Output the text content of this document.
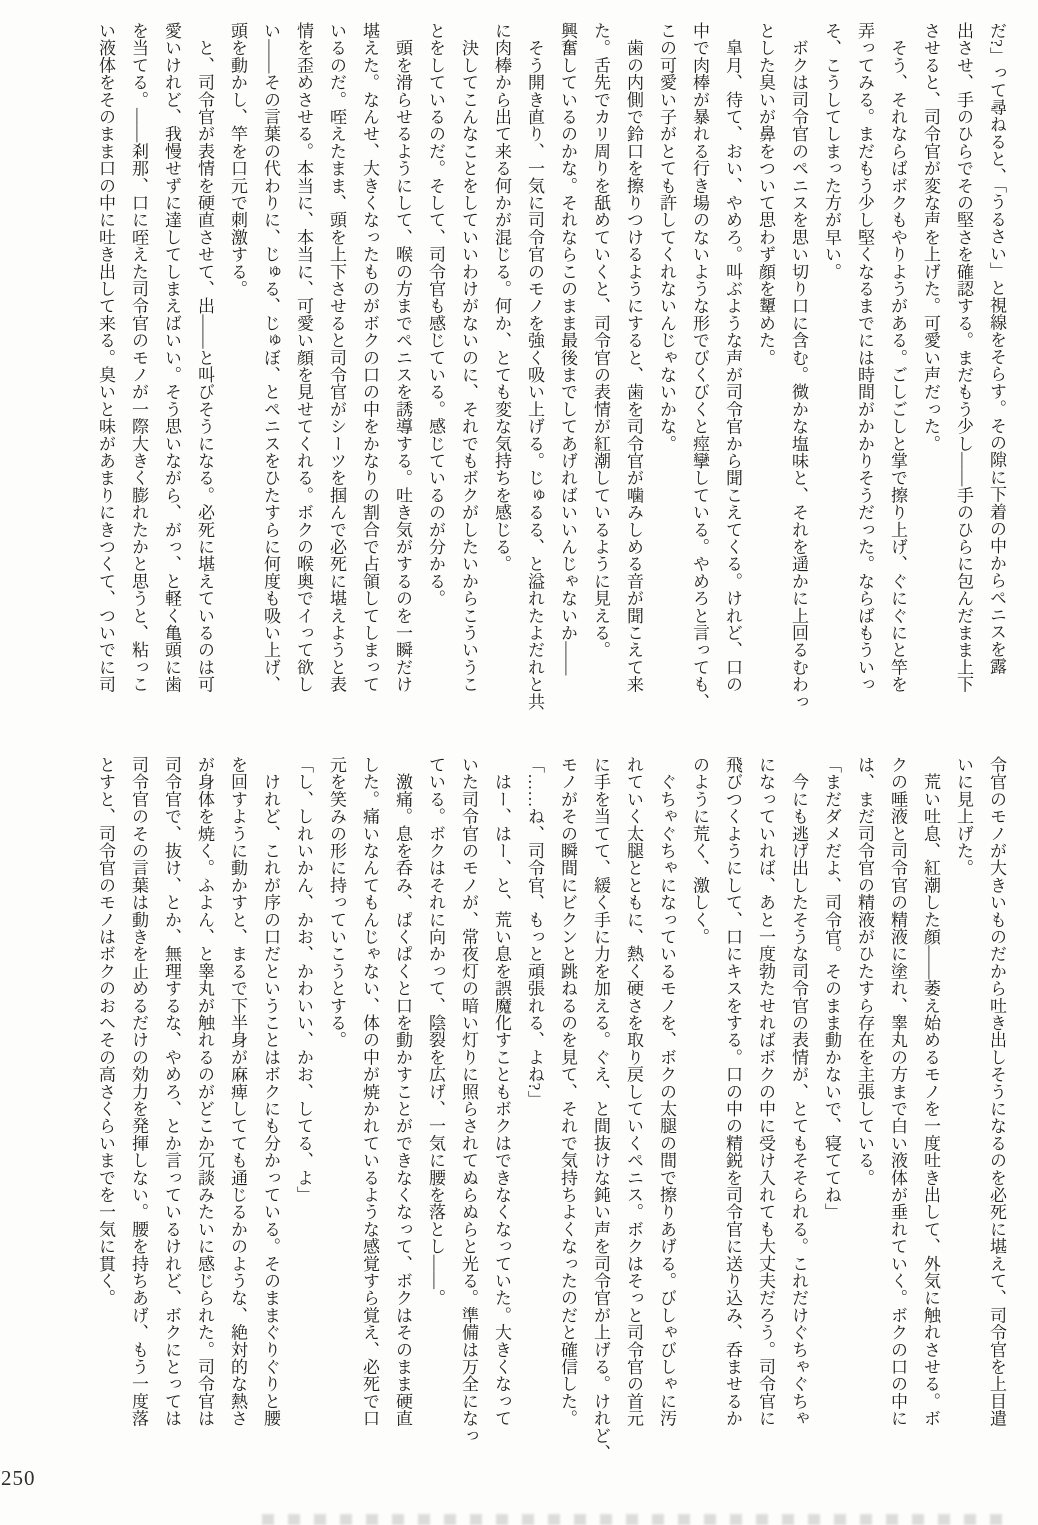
だ?」って尋ねると、「うるさい」と視線をそらす。その隙に下着の中からペニスを露
出させ、手のひらでその堅さを確認する。まだもう少し――手のひらに包んだまま上下
させると、司令官が変な声を上げた。可愛い声だった。
　そう、それならばボクもやりようがある。ごしごしと掌で擦り上げ、ぐにぐにと竿を
弄ってみる。まだもう少し堅くなるまでには時間がかかりそうだった。ならばもういっ
そ、こうしてしまった方が早い。
　ボクは司令官のペニスを思い切り口に含む。微かな塩味と、それを遥かに上回るむわっ
とした臭いが鼻をついて思わず顔を顰めた。
　皐月、待て、おい、やめろ。叫ぶような声が司令官から聞こえてくる。けれど、口の
中で肉棒が暴れる行き場のないような形でびくびくと痙攣している。やめろと言っても、
この可愛い子がとても許してくれないんじゃないかな。
　歯の内側で鈴口を擦りつけるようにすると、歯を司令官が噛みしめる音が聞こえて来
た。舌先でカリ周りを舐めていくと、司令官の表情が紅潮しているように見える。
興奮しているのかな。それならこのまま最後までしてあげればいいんじゃないか――
　そう開き直り、一気に司令官のモノを強く吸い上げる。じゅるる、と溢れたよだれと共
に肉棒から出て来る何かが混じる。何か、とても変な気持ちを感じる。
　決してこんなことをしていいわけがないのに、それでもボクがしたいからこういうこ
とをしているのだ。そして、司令官も感じている。感じているのが分かる。
　頭を滑らせるようにして、喉の方までペニスを誘導する。吐き気がするのを一瞬だけ
堪えた。なんせ、大きくなったものがボクの口の中をかなりの割合で占領してしまって
いるのだ。咥えたまま、頭を上下させると司令官がシーツを掴んで必死に堪えようと表
情を歪めさせる。本当に、本当に、可愛い顔を見せてくれる。ボクの喉奥でイって欲し
い――その言葉の代わりに、じゅる、じゅぼ、とペニスをひたすらに何度も吸い上げ、
頭を動かし、竿を口元で刺激する。
　と、司令官が表情を硬直させて、出――と叫びそうになる。必死に堪えているのは可
愛いけれど、我慢せずに達してしまえばいい。そう思いながら、がっ、と軽く亀頭に歯
を当てる。――刹那、口に咥えた司令官のモノが一際大きく膨れたかと思うと、粘っこ
い液体をそのまま口の中に吐き出して来る。臭いと味があまりにきつくて、ついでに司
令官のモノが大きいものだから吐き出しそうになるのを必死に堪えて、司令官を上目遣
いに見上げた。
　荒い吐息、紅潮した顔――萎え始めるモノを一度吐き出して、外気に触れさせる。ボ
クの唾液と司令官の精液に塗れ、睾丸の方まで白い液体が垂れていく。ボクの口の中に
は、まだ司令官の精液がひたすら存在を主張している。
「まだダメだよ、司令官。そのまま動かないで、寝ててね」
　今にも逃げ出したそうな司令官の表情が、とてもそそられる。これだけぐちゃぐちゃ
になっていれば、あと一度勃たせればボクの中に受け入れても大丈夫だろう。司令官に
飛びつくようにして、口にキスをする。口の中の精鋭を司令官に送り込み、呑ませるか
のように荒く、激しく。
　ぐちゃぐちゃになっているモノを、ボクの太腿の間で擦りあげる。びしゃびしゃに汚
れていく太腿とともに、熱く硬さを取り戻していくペニス。ボクはそっと司令官の首元
に手を当てて、緩く手に力を加える。ぐえ、と間抜けな鈍い声を司令官が上げる。けれど、
モノがその瞬間にビクンと跳ねるのを見て、それで気持ちよくなったのだと確信した。
「……ね、司令官、もっと頑張れる、よね?」
　はー、はー、と、荒い息を誤魔化すこともボクはできなくなっていた。大きくなって
いた司令官のモノが、常夜灯の暗い灯りに照らされてぬらぬらと光る。準備は万全になっ
ている。ボクはそれに向かって、陰裂を広げ、一気に腰を落とし――。
　激痛。息を呑み、ぱくぱくと口を動かすことができなくなって、ボクはそのまま硬直
した。痛いなんてもんじゃない、体の中が焼かれているような感覚すら覚え、必死で口
元を笑みの形に持っていこうとする。
「し、しれいかん、かお、かわいい、かお、してる、よ」
　けれど、これが序の口だということはボクにも分かっている。そのままぐりぐりと腰
を回すように動かすと、まるで下半身が麻痺してても通じるかのような、絶対的な熱さ
が身体を焼く。ふよん、と睾丸が触れるのがどこか冗談みたいに感じられた。司令官は
司令官で、抜け、とか、無理するな、やめろ、とか言っているけれど、ボクにとっては
司令官のその言葉は動きを止めるだけの効力を発揮しない。腰を持ちあげ、もう一度落
とすと、司令官のモノはボクのおへその高さくらいまでを一気に貫く。
250
